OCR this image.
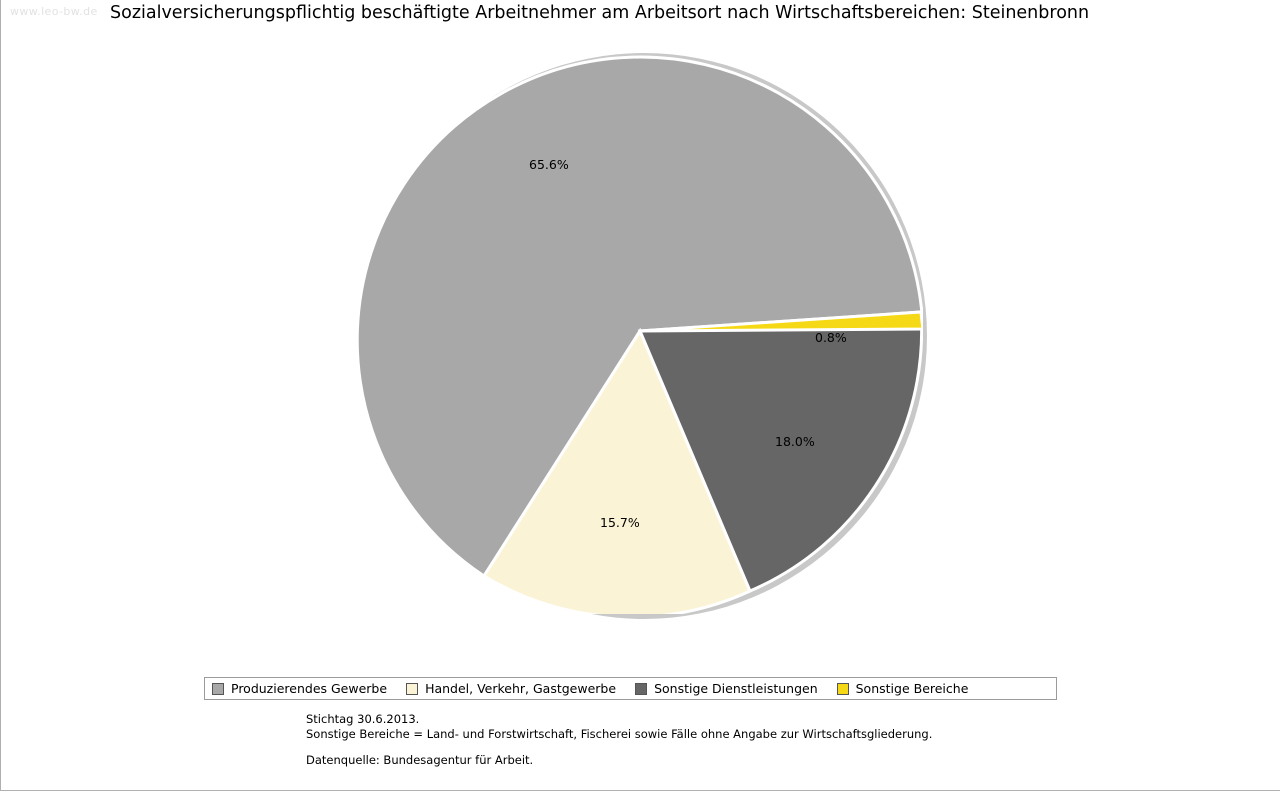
www.leo-bw.de Sozialversicherungspflichtig beschäftigte Arbeitnehmer am Arbeitsort nach Wirtschaftsbereichen: Steinenbronn
65.6%
15.7%
18.0%
0.8%
Produzierendes Gewerbe	Handel, Verkehr, Gastgewerbe	Sonstige Dienstleistungen	Sonstige Bereiche
Stichtag 30.6.2013.
Sonstige Bereiche = Land- und Forstwirtschaft, Fischerei sowie Fälle ohne Angabe zur Wirtschaftsgliederung.
Datenquelle: Bundesagentur für Arbeit.
